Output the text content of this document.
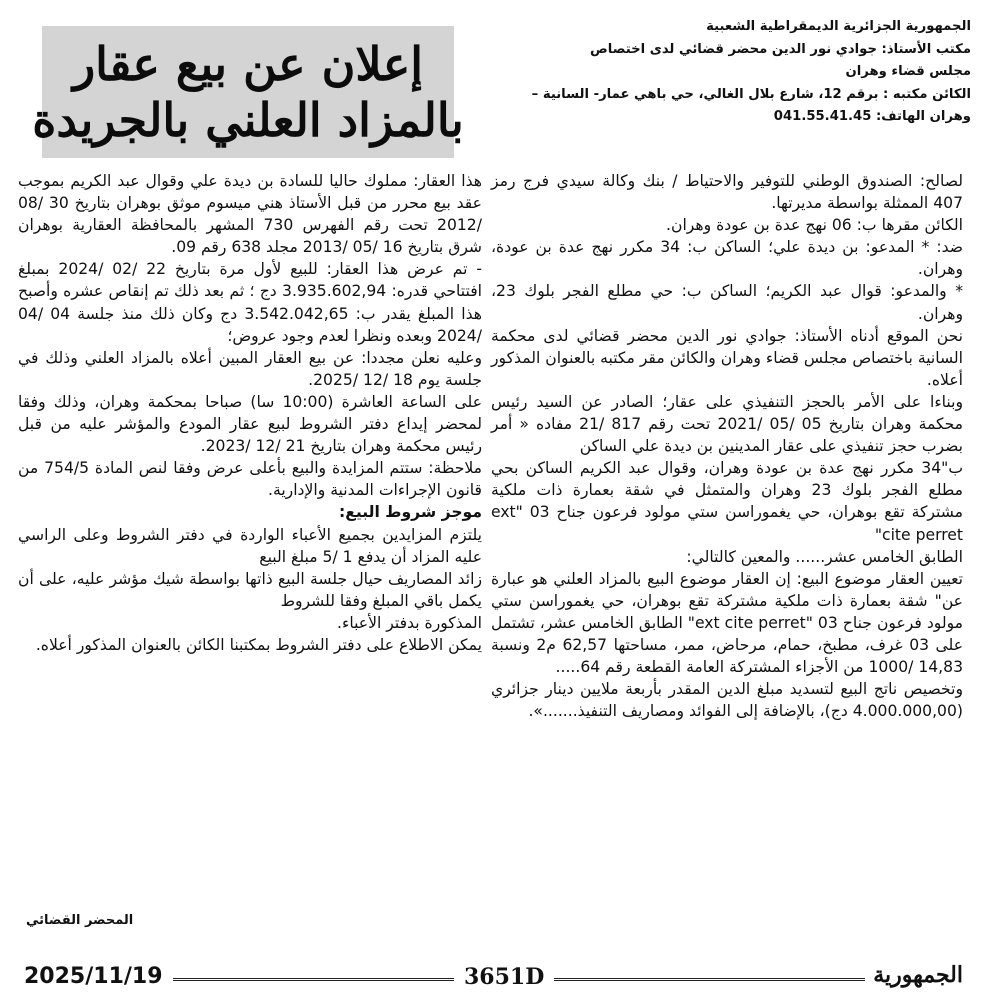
الجمهورية الجزائرية الديمقراطية الشعبية
مكتب الأستاذ: جوادي نور الدين محضر قضائي لدى اختصاص
مجلس قضاء وهران
الكائن مكتبه : برقم 12، شارع بلال الغالي، حي باهي عمار- السانية –
وهران الهاتف: 041.55.41.45
إعلان عن بيع عقار
بالمزاد العلني بالجريدة

لصالح: الصندوق الوطني للتوفير والاحتياط / بنك وكالة سيدي فرج رمز 407 الممثلة بواسطة مديرتها.

الكائن مقرها ب: 06 نهج عدة بن عودة وهران.

ضد: * المدعو: بن ديدة علي؛ الساكن ب: 34 مكرر نهج عدة بن عودة، وهران.

* والمدعو: قوال عبد الكريم؛ الساكن ب: حي مطلع الفجر بلوك 23، وهران.

نحن الموقع أدناه الأستاذ: جوادي نور الدين محضر قضائي لدى محكمة السانية باختصاص مجلس قضاء وهران والكائن مقر مكتبه بالعنوان المذكور أعلاه.

وبناءا على الأمر بالحجز التنفيذي على عقار؛ الصادر عن السيد رئيس محكمة وهران بتاريخ 05 /05 /2021 تحت رقم 817 /21 مفاده « أمر بضرب حجز تنفيذي على عقار المدينين بن ديدة علي الساكن

ب"34 مكرر نهج عدة بن عودة وهران، وقوال عبد الكريم الساكن بحي مطلع الفجر بلوك 23 وهران والمتمثل في شقة بعمارة ذات ملكية مشتركة تقع بوهران، حي يغموراسن ستي مولود فرعون جناح 03 "ext cite perret"

الطابق الخامس عشر...... والمعين كالتالي:

تعيين العقار موضوع البيع: إن العقار موضوع البيع بالمزاد العلني هو عبارة عن" شقة بعمارة ذات ملكية مشتركة تقع بوهران، حي يغموراسن ستي مولود فرعون جناح 03 "ext cite perret" الطابق الخامس عشر، تشتمل على 03 غرف، مطبخ، حمام، مرحاض، ممر، مساحتها 62,57 م2 ونسبة 14,83 /1000 من الأجزاء المشتركة العامة القطعة رقم 64.....

وتخصيص ناتج البيع لتسديد مبلغ الدين المقدر بأربعة ملايين دينار جزائري (4.000.000,00 دج)، بالإضافة إلى الفوائد ومصاريف التنفيذ.......».

هذا العقار: مملوك حاليا للسادة بن ديدة علي وقوال عبد الكريم بموجب عقد بيع محرر من قبل الأستاذ هني ميسوم موثق بوهران بتاريخ 30 /08 /2012 تحت رقم الفهرس 730 المشهر بالمحافظة العقارية بوهران شرق بتاريخ 16 /05 /2013 مجلد 638 رقم 09.

- تم عرض هذا العقار: للبيع لأول مرة بتاريخ 22 /02 /2024 بمبلغ افتتاحي قدره: 3.935.602,94 دج ؛ ثم بعد ذلك تم إنقاص عشره وأصبح هذا المبلغ يقدر ب: 3.542.042,65 دج وكان ذلك منذ جلسة 04 /04 /2024 وبعده ونظرا لعدم وجود عروض؛

وعليه نعلن مجددا: عن بيع العقار المبين أعلاه بالمزاد العلني وذلك في جلسة يوم 18 /12 /2025.

على الساعة العاشرة (10:00 سا) صباحا بمحكمة وهران، وذلك وفقا لمحضر إيداع دفتر الشروط لبيع عقار المودع والمؤشر عليه من قبل رئيس محكمة وهران بتاريخ 21 /12 /2023.

ملاحظة: ستتم المزايدة والبيع بأعلى عرض وفقا لنص المادة 754/5 من قانون الإجراءات المدنية والإدارية.

موجز شروط البيع:

يلتزم المزايدين بجميع الأعباء الواردة في دفتر الشروط وعلى الراسي عليه المزاد أن يدفع 1 /5 مبلغ البيع

زائد المصاريف حيال جلسة البيع ذاتها بواسطة شيك مؤشر عليه، على أن يكمل باقي المبلغ وفقا للشروط

المذكورة بدفتر الأعباء.

يمكن الاطلاع على دفتر الشروط بمكتبنا الكائن بالعنوان المذكور أعلاه.

المحضر القضائي
2025/11/19	3651D	الجمهورية
